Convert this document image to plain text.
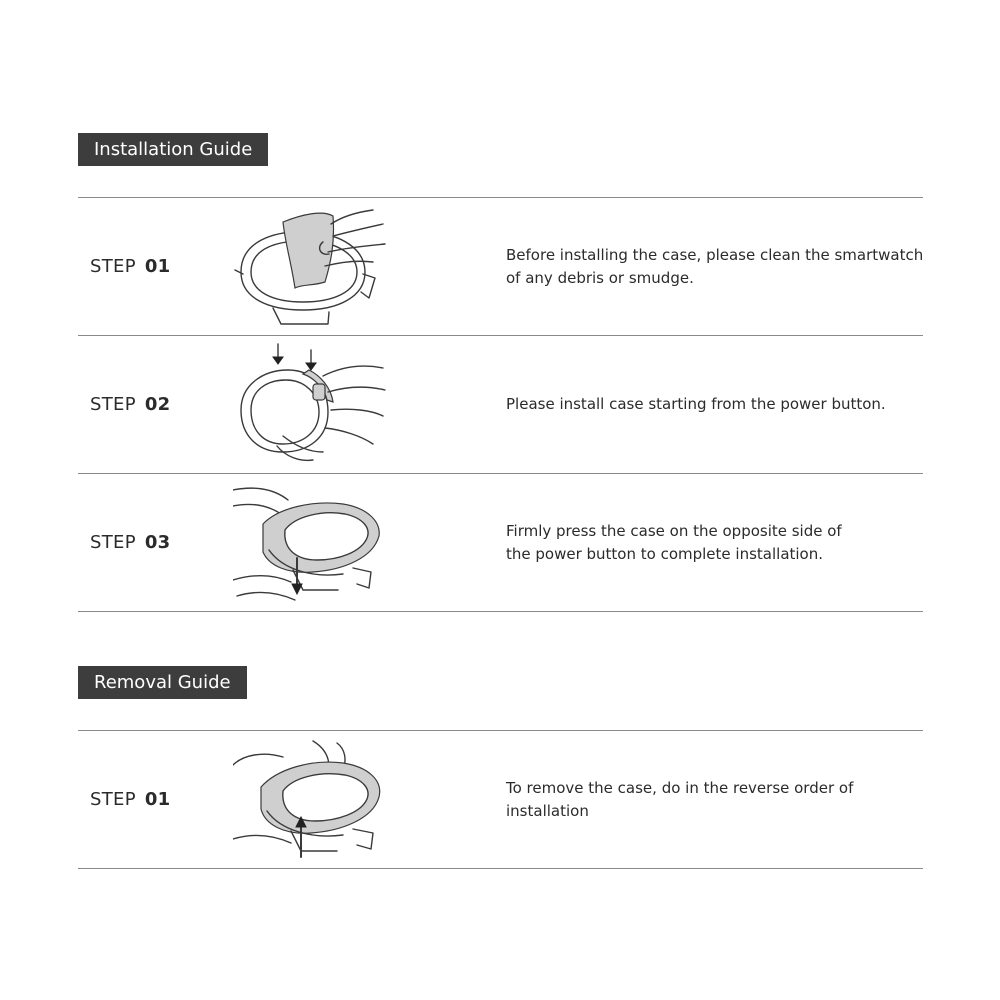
Installation Guide
STEP 01
Before installing the case, please clean the smartwatch
of any debris or smudge.
STEP 02	Please install case starting from the power button.
STEP 03
Firmly press the case on the opposite side of
the power button to complete installation.
Removal Guide
STEP 01
To remove the case, do in the reverse order of installation
